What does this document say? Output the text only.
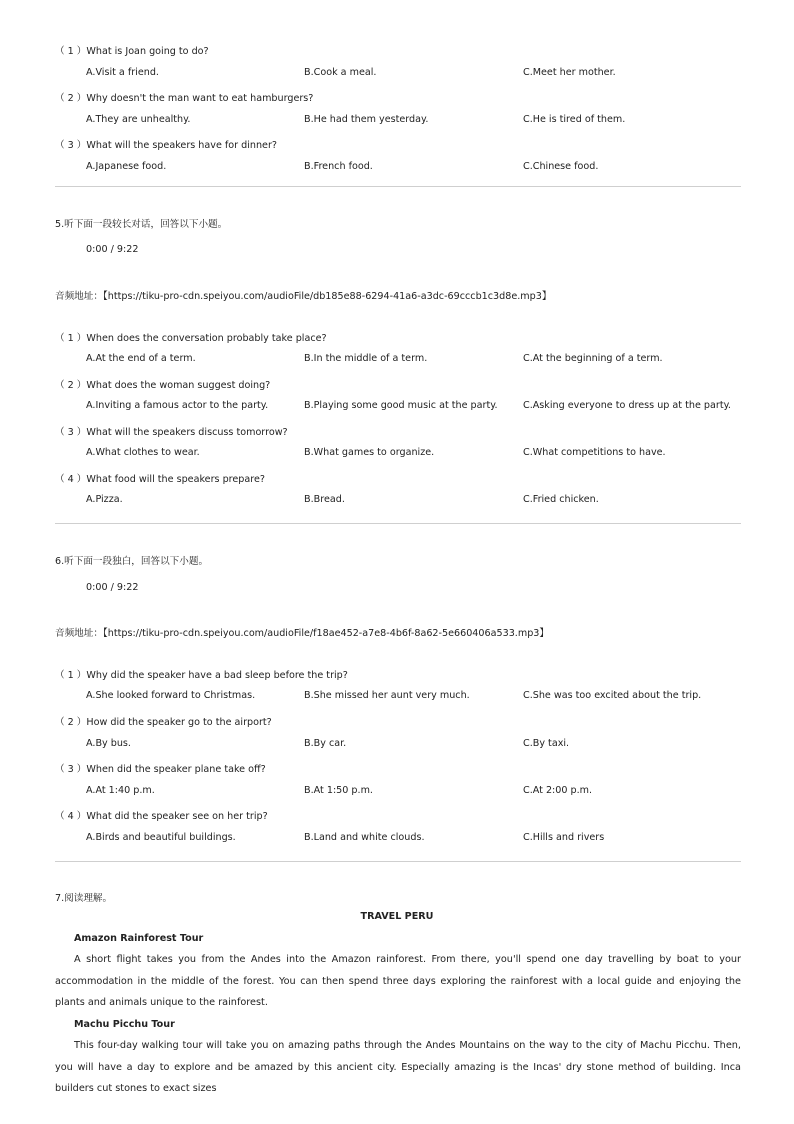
（ 1 ）What is Joan going to do?
A.Visit a friend.	B.Cook a meal.	C.Meet her mother.
（ 2 ）Why doesn't the man want to eat hamburgers?
A.They are unhealthy.	B.He had them yesterday.	C.He is tired of them.
（ 3 ）What will the speakers have for dinner?
A.Japanese food.	B.French food.	C.Chinese food.
5.听下面一段较长对话，回答以下小题。
0:00 / 9:22
音频地址：【https://tiku-pro-cdn.speiyou.com/audioFile/db185e88-6294-41a6-a3dc-69cccb1c3d8e.mp3】
（ 1 ）When does the conversation probably take place?
A.At the end of a term.	B.In the middle of a term.	C.At the beginning of a term.
（ 2 ）What does the woman suggest doing?
A.Inviting a famous actor to the party.	B.Playing some good music at the party.	C.Asking everyone to dress up at the party.
（ 3 ）What will the speakers discuss tomorrow?
A.What clothes to wear.	B.What games to organize.	C.What competitions to have.
（ 4 ）What food will the speakers prepare?
A.Pizza.	B.Bread.	C.Fried chicken.
6.听下面一段独白，回答以下小题。
0:00 / 9:22
音频地址：【https://tiku-pro-cdn.speiyou.com/audioFile/f18ae452-a7e8-4b6f-8a62-5e660406a533.mp3】
（ 1 ）Why did the speaker have a bad sleep before the trip?
A.She looked forward to Christmas.	B.She missed her aunt very much.	C.She was too excited about the trip.
（ 2 ）How did the speaker go to the airport?
A.By bus.	B.By car.	C.By taxi.
（ 3 ）When did the speaker plane take off?
A.At 1:40 p.m.	B.At 1:50 p.m.	C.At 2:00 p.m.
（ 4 ）What did the speaker see on her trip?
A.Birds and beautiful buildings.	B.Land and white clouds.	C.Hills and rivers
7.阅读理解。
TRAVEL PERU
Amazon Rainforest Tour
A short flight takes you from the Andes into the Amazon rainforest. From there, you'll spend one day travelling by boat to your accommodation in the middle of the forest. You can then spend three days exploring the rainforest with a local guide and enjoying the plants and animals unique to the rainforest.
Machu Picchu Tour
This four-day walking tour will take you on amazing paths through the Andes Mountains on the way to the city of Machu Picchu. Then, you will have a day to explore and be amazed by this ancient city. Especially amazing is the Incas' dry stone method of building. Inca builders cut stones to exact sizes
